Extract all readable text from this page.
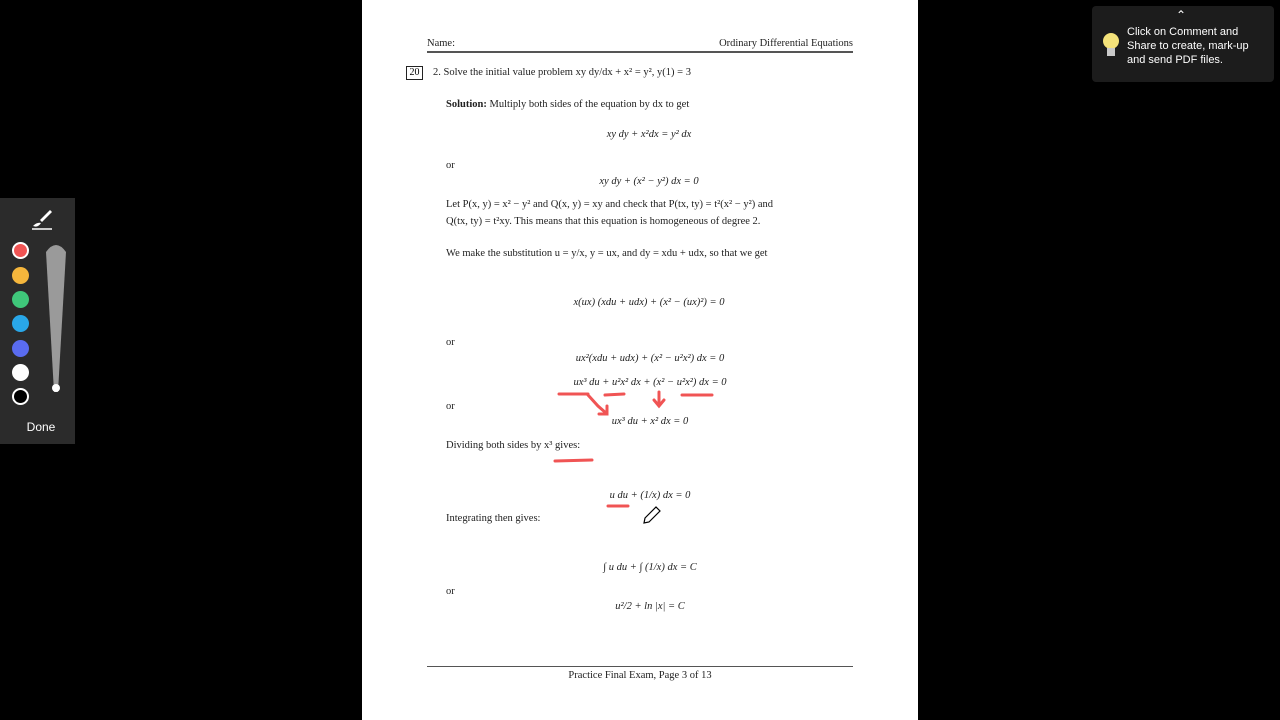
Name:	Ordinary Differential Equations
20	2. Solve the initial value problem xy dy/dx + x² = y², y(1) = 3
Solution: Multiply both sides of the equation by dx to get
xy dy + x²dx = y² dx
or
xy dy + (x² − y²) dx = 0
Let P(x, y) = x² − y² and Q(x, y) = xy and check that P(tx, ty) = t²(x² − y²) and
Q(tx, ty) = t²xy. This means that this equation is homogeneous of degree 2.
We make the substitution u = y/x, y = ux, and dy = xdu + udx, so that we get
x(ux) (xdu + udx) + (x² − (ux)²) = 0
or
ux²(xdu + udx) + (x² − u²x²) dx = 0
ux³ du + u²x² dx + (x² − u²x²) dx = 0
or
ux³ du + x² dx = 0
Dividing both sides by x³ gives:
u du + (1/x) dx = 0
Integrating then gives:
∫ u du + ∫ (1/x) dx = C
or
u²/2 + ln |x| = C
Practice Final Exam, Page 3 of 13
Done
⌃
Click on Comment and Share to create, mark-up and send PDF files.
